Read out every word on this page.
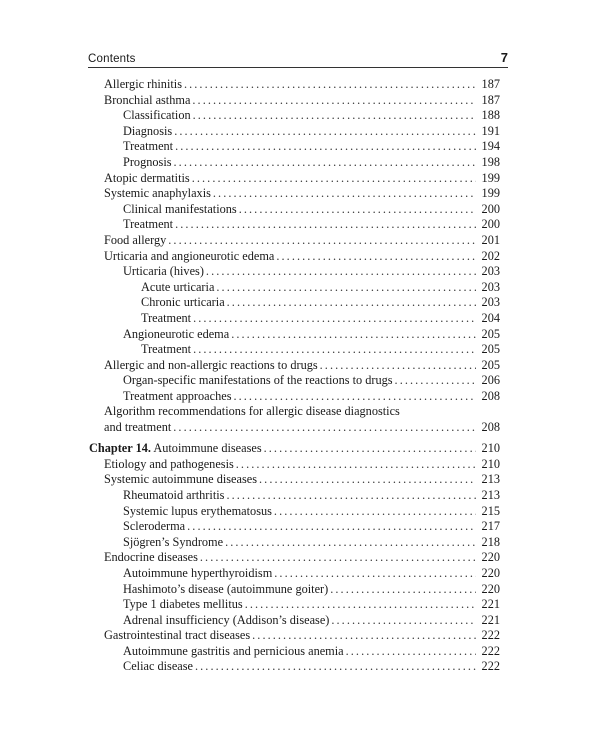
Contents	7
Allergic rhinitis . . .	187
Bronchial asthma . . .	187
Classification . . .	188
Diagnosis . . .	191
Treatment . . .	194
Prognosis . . .	198
Atopic dermatitis . . .	199
Systemic anaphylaxis . . .	199
Clinical manifestations . . .	200
Treatment . . .	200
Food allergy . . .	201
Urticaria and angioneurotic edema . . .	202
Urticaria (hives) . . .	203
Acute urticaria . . .	203
Chronic urticaria . . .	203
Treatment . . .	204
Angioneurotic edema . . .	205
Treatment . . .	205
Allergic and non-allergic reactions to drugs . . .	205
Organ-specific manifestations of the reactions to drugs . . .	206
Treatment approaches . . .	208
Algorithm recommendations for allergic disease diagnostics
and treatment . . .	208
Chapter 14. Autoimmune diseases . . .	210
Etiology and pathogenesis . . .	210
Systemic autoimmune diseases . . .	213
Rheumatoid arthritis . . .	213
Systemic lupus erythematosus . . .	215
Scleroderma . . .	217
Sjögren’s Syndrome . . .	218
Endocrine diseases . . .	220
Autoimmune hyperthyroidism . . .	220
Hashimoto’s disease (autoimmune goiter) . . .	220
Type 1 diabetes mellitus . . .	221
Adrenal insufficiency (Addison’s disease) . . .	221
Gastrointestinal tract diseases . . .	222
Autoimmune gastritis and pernicious anemia . . .	222
Celiac disease . . .	222
